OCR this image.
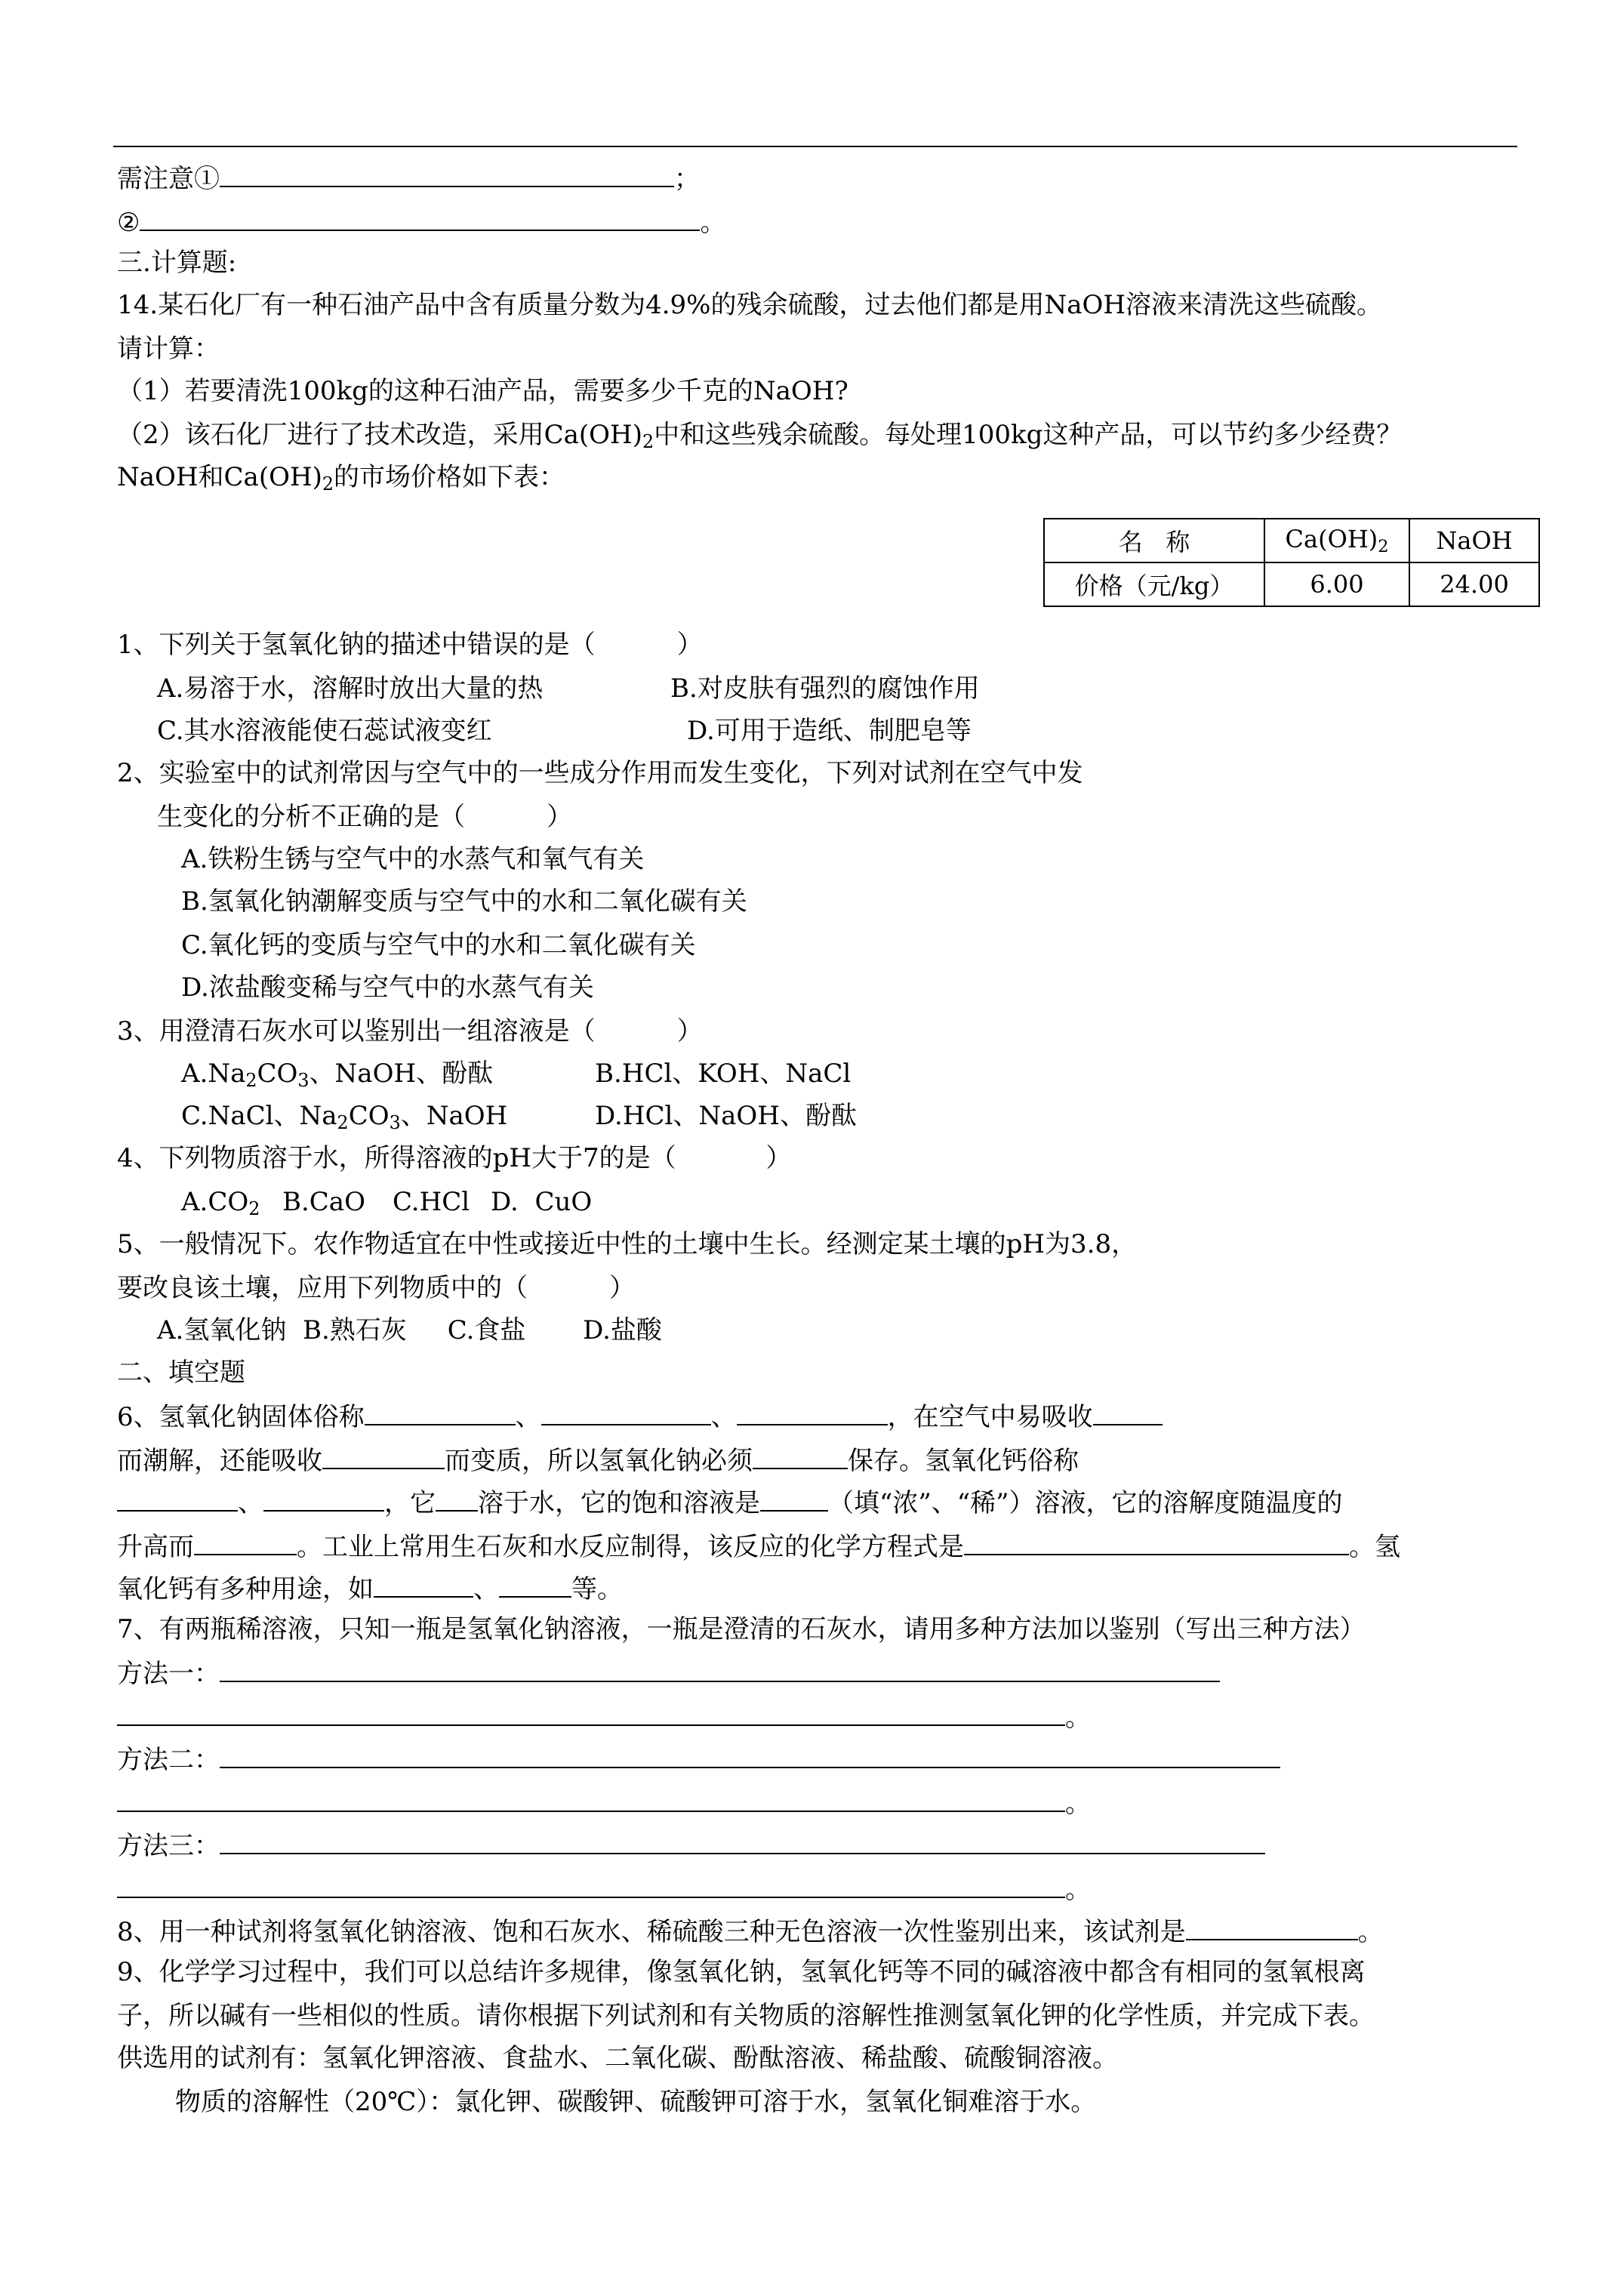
需注意①	；
②	。
三.计算题:
14.某石化厂有一种石油产品中含有质量分数为4.9%的残余硫酸，过去他们都是用NaOH溶液来清洗这些硫酸。
请计算：
（1）若要清洗100kg的这种石油产品，需要多少千克的NaOH?
（2）该石化厂进行了技术改造，采用$Ca(OH)_2$中和这些残余硫酸。每处理100kg这种产品，可以节约多少经费？
NaOH和$Ca(OH)_2$的市场价格如下表：
名   称	$Ca(OH)_2$	NaOH
价格（元/kg）	6.00	24.00
1、下列关于氢氧化钠的描述中错误的是（          ）
A.易溶于水，溶解时放出大量的热	B.对皮肤有强烈的腐蚀作用
C.其水溶液能使石蕊试液变红	D.可用于造纸、制肥皂等
2、实验室中的试剂常因与空气中的一些成分作用而发生变化，下列对试剂在空气中发
生变化的分析不正确的是（          ）
A.铁粉生锈与空气中的水蒸气和氧气有关
B.氢氧化钠潮解变质与空气中的水和二氧化碳有关
C.氧化钙的变质与空气中的水和二氧化碳有关
D.浓盐酸变稀与空气中的水蒸气有关
3、用澄清石灰水可以鉴别出一组溶液是（          ）
$A.Na_2CO_3$、NaOH、酚酞	B.HCl、KOH、NaCl
C.NaCl、$Na_2CO_3$、NaOH	D.HCl、NaOH、酚酞
4、下列物质溶于水，所得溶液的pH大于7的是（           ）
$A.CO_2$ B.CaO C.HCl D.  CuO
5、一般情况下。农作物适宜在中性或接近中性的土壤中生长。经测定某土壤的pH为3.8，
要改良该土壤，应用下列物质中的（          ）
A.氢氧化钠  B.熟石灰     C.食盐       D.盐酸
二、填空题
6、氢氧化钠固体俗称	、	、	，在空气中易吸收
而潮解，还能吸收	而变质，所以氢氧化钠必须	保存。氢氧化钙俗称
、	，它 溶于水，它的饱和溶液是	（填“浓”、“稀”）溶液，它的溶解度随温度的
升高而	。工业上常用生石灰和水反应制得，该反应的化学方程式是	。氢
氧化钙有多种用途，如	、	等。
7、有两瓶稀溶液，只知一瓶是氢氧化钠溶液，一瓶是澄清的石灰水，请用多种方法加以鉴别（写出三种方法）
方法一：
。
方法二：
。
方法三：
。
8、用一种试剂将氢氧化钠溶液、饱和石灰水、稀硫酸三种无色溶液一次性鉴别出来，该试剂是	。
9、化学学习过程中，我们可以总结许多规律，像氢氧化钠，氢氧化钙等不同的碱溶液中都含有相同的氢氧根离
子，所以碱有一些相似的性质。请你根据下列试剂和有关物质的溶解性推测氢氧化钾的化学性质，并完成下表。
供选用的试剂有：氢氧化钾溶液、食盐水、二氧化碳、酚酞溶液、稀盐酸、硫酸铜溶液。
物质的溶解性（20℃）：氯化钾、碳酸钾、硫酸钾可溶于水，氢氧化铜难溶于水。
